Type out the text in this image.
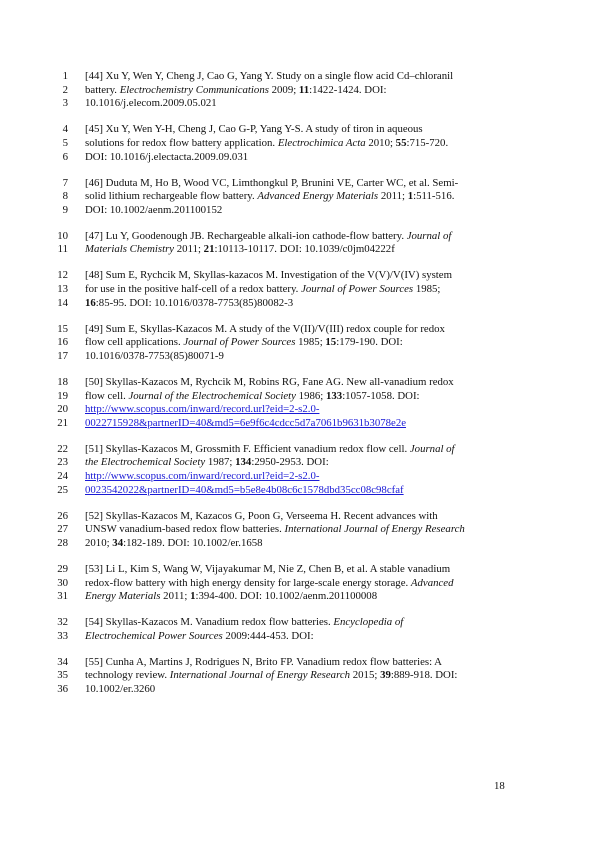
1 [44] Xu Y, Wen Y, Cheng J, Cao G, Yang Y. Study on a single flow acid Cd–chloranil
2 battery. Electrochemistry Communications 2009; 11:1422-1424. DOI:
3 10.1016/j.elecom.2009.05.021
4 [45] Xu Y, Wen Y-H, Cheng J, Cao G-P, Yang Y-S. A study of tiron in aqueous
5 solutions for redox flow battery application. Electrochimica Acta 2010; 55:715-720.
6 DOI: 10.1016/j.electacta.2009.09.031
7 [46] Duduta M, Ho B, Wood VC, Limthongkul P, Brunini VE, Carter WC, et al. Semi-
8 solid lithium rechargeable flow battery. Advanced Energy Materials 2011; 1:511-516.
9 DOI: 10.1002/aenm.201100152
10 [47] Lu Y, Goodenough JB. Rechargeable alkali-ion cathode-flow battery. Journal of
11 Materials Chemistry 2011; 21:10113-10117. DOI: 10.1039/c0jm04222f
12 [48] Sum E, Rychcik M, Skyllas-kazacos M. Investigation of the V(V)/V(IV) system
13 for use in the positive half-cell of a redox battery. Journal of Power Sources 1985;
14 16:85-95. DOI: 10.1016/0378-7753(85)80082-3
15 [49] Sum E, Skyllas-Kazacos M. A study of the V(II)/V(III) redox couple for redox
16 flow cell applications. Journal of Power Sources 1985; 15:179-190. DOI:
17 10.1016/0378-7753(85)80071-9
18 [50] Skyllas-Kazacos M, Rychcik M, Robins RG, Fane AG. New all-vanadium redox
19 flow cell. Journal of the Electrochemical Society 1986; 133:1057-1058. DOI:
20 http://www.scopus.com/inward/record.url?eid=2-s2.0-
21 0022715928&partnerID=40&md5=6e9f6c4cdcc5d7a7061b9631b3078e2e
22 [51] Skyllas-Kazacos M, Grossmith F. Efficient vanadium redox flow cell. Journal of
23 the Electrochemical Society 1987; 134:2950-2953. DOI:
24 http://www.scopus.com/inward/record.url?eid=2-s2.0-
25 0023542022&partnerID=40&md5=b5e8e4b08c6c1578dbd35cc08c98cfaf
26 [52] Skyllas-Kazacos M, Kazacos G, Poon G, Verseema H. Recent advances with
27 UNSW vanadium-based redox flow batteries. International Journal of Energy Research
28 2010; 34:182-189. DOI: 10.1002/er.1658
29 [53] Li L, Kim S, Wang W, Vijayakumar M, Nie Z, Chen B, et al. A stable vanadium
30 redox-flow battery with high energy density for large-scale energy storage. Advanced
31 Energy Materials 2011; 1:394-400. DOI: 10.1002/aenm.201100008
32 [54] Skyllas-Kazacos M. Vanadium redox flow batteries. Encyclopedia of
33 Electrochemical Power Sources 2009:444-453. DOI:
34 [55] Cunha A, Martins J, Rodrigues N, Brito FP. Vanadium redox flow batteries: A
35 technology review. International Journal of Energy Research 2015; 39:889-918. DOI:
36 10.1002/er.3260
18
